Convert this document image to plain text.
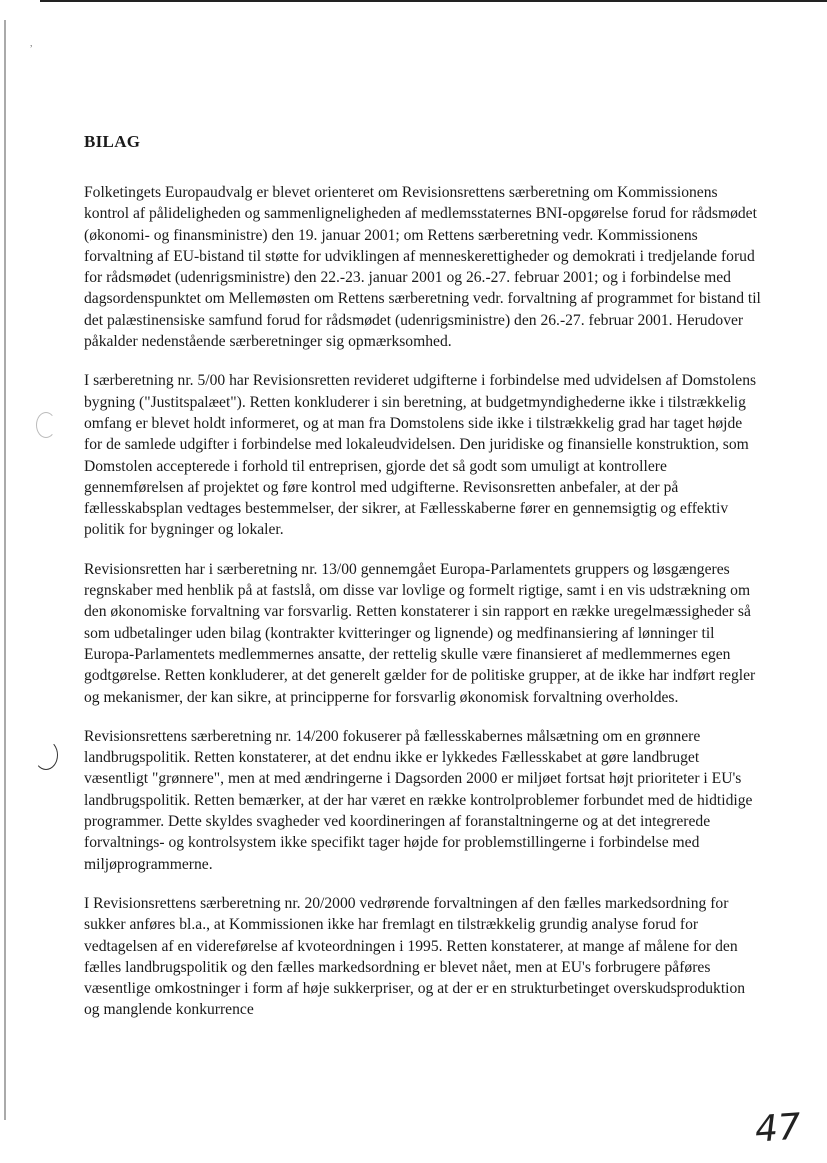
,
BILAG

Folketingets Europaudvalg er blevet orienteret om Revisionsrettens særberetning om Kommissionens kontrol af pålideligheden og sammenligneligheden af medlemsstaternes BNI-opgørelse forud for rådsmødet (økonomi- og finansministre) den 19. januar 2001; om Rettens særberetning vedr. Kommissionens forvaltning af EU-bistand til støtte for udviklingen af menneskerettigheder og demokrati i tredjelande forud for rådsmødet (udenrigsministre) den 22.-23. januar 2001 og 26.-27. februar 2001; og i forbindelse med dagsordenspunktet om Mellemøsten om Rettens særberetning vedr. forvaltning af programmet for bistand til det palæstinensiske samfund forud for rådsmødet (udenrigsministre) den 26.-27. februar 2001. Herudover påkalder nedenstående særberetninger sig opmærksomhed.

I særberetning nr. 5/00 har Revisionsretten revideret udgifterne i forbindelse med udvidelsen af Domstolens bygning ("Justitspalæet"). Retten konkluderer i sin beretning, at budgetmyndighederne ikke i tilstrækkelig omfang er blevet holdt informeret, og at man fra Domstolens side ikke i tilstrækkelig grad har taget højde for de samlede udgifter i forbindelse med lokaleudvidelsen. Den juridiske og finansielle konstruktion, som Domstolen accepterede i forhold til entreprisen, gjorde det så godt som umuligt at kontrollere gennemførelsen af projektet og føre kontrol med udgifterne. Revisonsretten anbefaler, at der på fællesskabsplan vedtages bestemmelser, der sikrer, at Fællesskaberne fører en gennemsigtig og effektiv politik for bygninger og lokaler.

Revisionsretten har i særberetning nr. 13/00 gennemgået Europa-Parlamentets gruppers og løsgængeres regnskaber med henblik på at fastslå, om disse var lovlige og formelt rigtige, samt i en vis udstrækning om den økonomiske forvaltning var forsvarlig. Retten konstaterer i sin rapport en række uregelmæssigheder så som udbetalinger uden bilag (kontrakter kvitteringer og lignende) og medfinansiering af lønninger til Europa-Parlamentets medlemmernes ansatte, der rettelig skulle være finansieret af medlemmernes egen godtgørelse. Retten konkluderer, at det generelt gælder for de politiske grupper, at de ikke har indført regler og mekanismer, der kan sikre, at principperne for forsvarlig økonomisk forvaltning overholdes.

Revisionsrettens særberetning nr. 14/200 fokuserer på fællesskabernes målsætning om en grønnere landbrugspolitik. Retten konstaterer, at det endnu ikke er lykkedes Fællesskabet at gøre landbruget væsentligt "grønnere", men at med ændringerne i Dagsorden 2000 er miljøet fortsat højt prioriteter i EU's landbrugspolitik. Retten bemærker, at der har været en række kontrolproblemer forbundet med de hidtidige programmer. Dette skyldes svagheder ved koordineringen af foranstaltningerne og at det integrerede forvaltnings- og kontrolsystem ikke specifikt tager højde for problemstillingerne i forbindelse med miljøprogrammerne.

I Revisionsrettens særberetning nr. 20/2000 vedrørende forvaltningen af den fælles markedsordning for sukker anføres bl.a., at Kommissionen ikke har fremlagt en tilstrækkelig grundig analyse forud for vedtagelsen af en videreførelse af kvoteordningen i 1995. Retten konstaterer, at mange af målene for den fælles landbrugspolitik og den fælles markedsordning er blevet nået, men at EU's forbrugere påføres væsentlige omkostninger i form af høje sukkerpriser, og at der er en strukturbetinget overskudsproduktion og manglende konkurrence

47
